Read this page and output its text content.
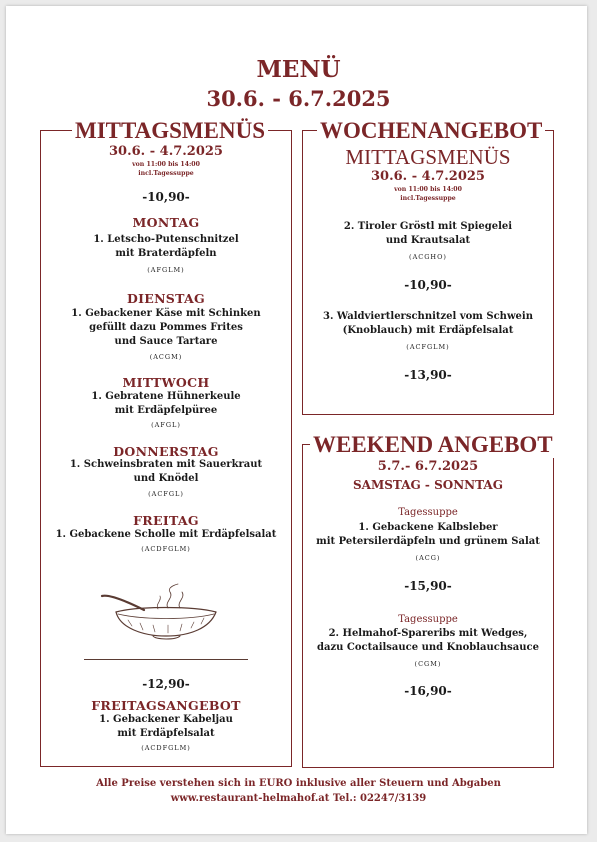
MENÜ
30.6. - 6.7.2025
MITTAGSMENÜS
30.6. - 4.7.2025
von 11:00 bis 14:00
incl.Tagessuppe
-10,90-
MONTAG
1. Letscho-Putenschnitzel
mit Braterdäpfeln
(AFGLM)
DIENSTAG
1. Gebackener Käse mit Schinken
gefüllt dazu Pommes Frites
und Sauce Tartare
(ACGM)
MITTWOCH
1. Gebratene Hühnerkeule
mit Erdäpfelpüree
(AFGL)
DONNERSTAG
1. Schweinsbraten mit Sauerkraut
und Knödel
(ACFGL)
FREITAG
1. Gebackene Scholle mit Erdäpfelsalat
(ACDFGLM)
-12,90-
FREITAGSANGEBOT
1. Gebackener Kabeljau
mit Erdäpfelsalat
(ACDFGLM)
WOCHENANGEBOT
MITTAGSMENÜS
30.6. - 4.7.2025
von 11:00 bis 14:00
incl.Tagessuppe
2. Tiroler Gröstl mit Spiegelei
und Krautsalat
(ACGHO)
-10,90-
3. Waldviertlerschnitzel vom Schwein
(Knoblauch) mit Erdäpfelsalat
(ACFGLM)
-13,90-
WEEKEND ANGEBOT
5.7.- 6.7.2025
SAMSTAG - SONNTAG
Tagessuppe
1. Gebackene Kalbsleber
mit Petersilerdäpfeln und grünem Salat
(ACG)
-15,90-
Tagessuppe
2. Helmahof-Spareribs mit Wedges,
dazu Coctailsauce und Knoblauchsauce
(CGM)
-16,90-
Alle Preise verstehen sich in EURO inklusive aller Steuern und Abgaben
www.restaurant-helmahof.at Tel.: 02247/3139
